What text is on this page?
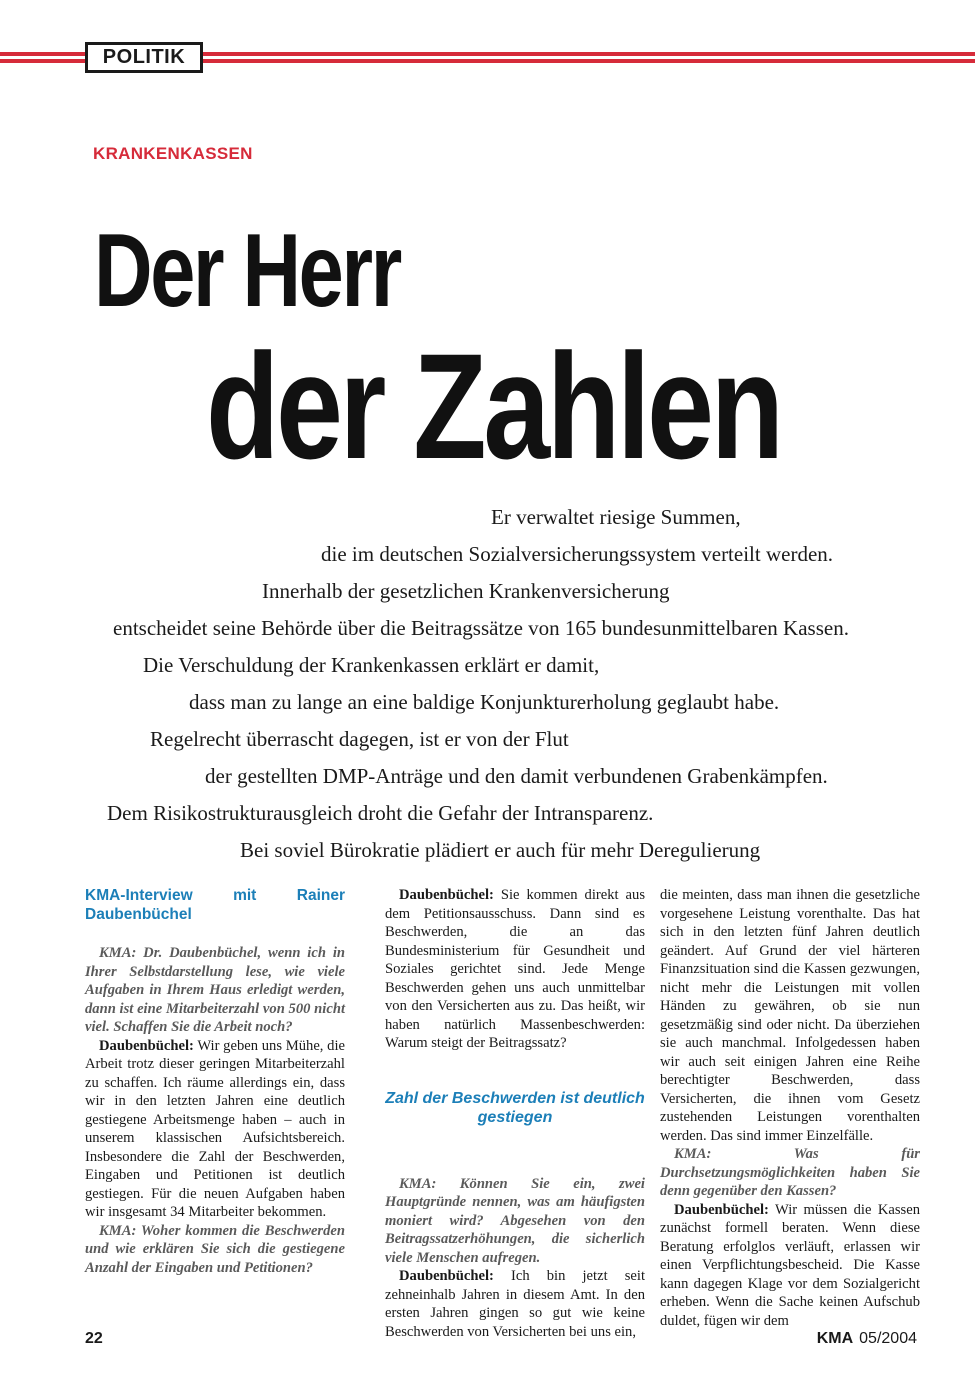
POLITIK
KRANKENKASSEN
Der Herr
der Zahlen
Er verwaltet riesige Summen,
die im deutschen Sozialversicherungssystem verteilt werden.
Innerhalb der gesetzlichen Krankenversicherung
entscheidet seine Behörde über die Beitragssätze von 165 bundesunmittelbaren Kassen.
Die Verschuldung der Krankenkassen erklärt er damit,
dass man zu lange an eine baldige Konjunkturerholung geglaubt habe.
Regelrecht überrascht dagegen, ist er von der Flut
der gestellten DMP-Anträge und den damit verbundenen Grabenkämpfen.
Dem Risikostrukturausgleich droht die Gefahr der Intransparenz.
Bei soviel Bürokratie plädiert er auch für mehr Deregulierung
KMA-Interview mit Rainer Daubenbüchel

KMA: Dr. Daubenbüchel, wenn ich in Ihrer Selbstdarstellung lese, wie viele Aufgaben in Ihrem Haus erledigt werden, dann ist eine Mitarbeiterzahl von 500 nicht viel. Schaffen Sie die Arbeit noch?

Daubenbüchel: Wir geben uns Mühe, die Arbeit trotz dieser geringen Mitarbeiterzahl zu schaffen. Ich räume allerdings ein, dass wir in den letzten Jahren eine deutlich gestiegene Arbeitsmenge haben – auch in unserem klassischen Aufsichtsbereich. Insbesondere die Zahl der Beschwerden, Eingaben und Petitionen ist deutlich gestiegen. Für die neuen Aufgaben haben wir insgesamt 34 Mitarbeiter bekommen.

KMA: Woher kommen die Beschwerden und wie erklären Sie sich die gestiegene Anzahl der Eingaben und Petitionen?

Daubenbüchel: Sie kommen direkt aus dem Petitionsausschuss. Dann sind es Beschwerden, die an das Bundesministerium für Gesundheit und Soziales gerichtet sind. Jede Menge Beschwerden gehen uns auch unmittelbar von den Versicherten aus zu. Das heißt, wir haben natürlich Massenbeschwerden: Warum steigt der Beitragssatz?

Zahl der Beschwerden ist deutlich gestiegen

KMA: Können Sie ein, zwei Hauptgründe nennen, was am häufigsten moniert wird? Abgesehen von den Beitragssatzerhöhungen, die sicherlich viele Menschen aufregen.

Daubenbüchel: Ich bin jetzt seit zehneinhalb Jahren in diesem Amt. In den ersten Jahren gingen so gut wie keine Beschwerden von Versicherten bei uns ein,

die meinten, dass man ihnen die gesetzliche vorgesehene Leistung vorenthalte. Das hat sich in den letzten fünf Jahren deutlich geändert. Auf Grund der viel härteren Finanzsituation sind die Kassen gezwungen, nicht mehr die Leistungen mit vollen Händen zu gewähren, ob sie nun gesetzmäßig sind oder nicht. Da überziehen sie auch manchmal. Infolgedessen haben wir auch seit einigen Jahren eine Reihe berechtigter Beschwerden, dass Versicherten, die ihnen vom Gesetz zustehenden Leistungen vorenthalten werden. Das sind immer Einzelfälle.

KMA: Was für Durchsetzungsmöglichkeiten haben Sie denn gegenüber den Kassen?

Daubenbüchel: Wir müssen die Kassen zunächst formell beraten. Wenn diese Beratung erfolglos verläuft, erlassen wir einen Verpflichtungsbescheid. Die Kasse kann dagegen Klage vor dem Sozialgericht erheben. Wenn die Sache keinen Aufschub duldet, fügen wir dem

22	KMA 05/2004
